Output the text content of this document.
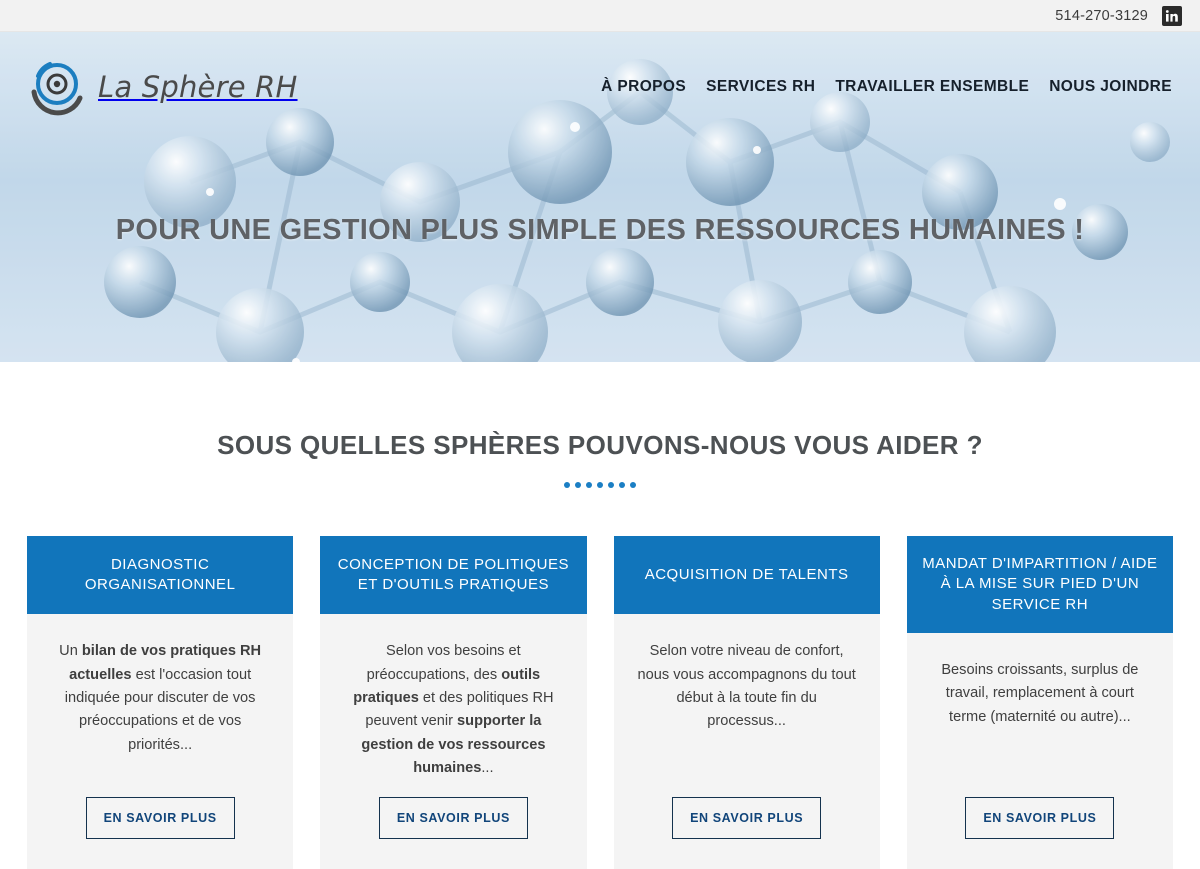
514-270-3129
La Sphère RH	À PROPOS SERVICES RH TRAVAILLER ENSEMBLE NOUS JOINDRE
POUR UNE GESTION PLUS SIMPLE DES RESSOURCES HUMAINES !
SOUS QUELLES SPHÈRES POUVONS-NOUS VOUS AIDER ?
DIAGNOSTIC ORGANISATIONNEL
Un bilan de vos pratiques RH actuelles est l'occasion tout indiquée pour discuter de vos préoccupations et de vos priorités...
EN SAVOIR PLUS
CONCEPTION DE POLITIQUES ET D'OUTILS PRATIQUES
Selon vos besoins et préoccupations, des outils pratiques et des politiques RH peuvent venir supporter la gestion de vos ressources humaines...
EN SAVOIR PLUS
ACQUISITION DE TALENTS
Selon votre niveau de confort, nous vous accompagnons du tout début à la toute fin du processus...
EN SAVOIR PLUS
MANDAT D'IMPARTITION / AIDE À LA MISE SUR PIED D'UN SERVICE RH
Besoins croissants, surplus de travail, remplacement à court terme (maternité ou autre)...
EN SAVOIR PLUS
